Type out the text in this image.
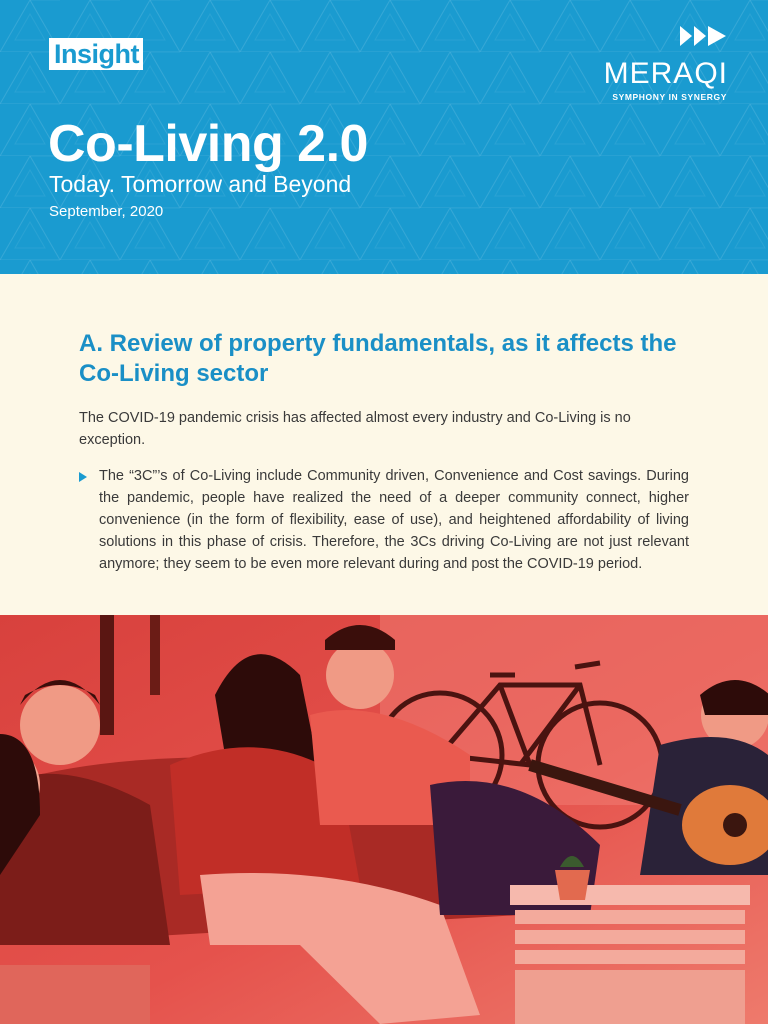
Insight
Co-Living 2.0

Today. Tomorrow and Beyond

September, 2020

MERAQI
SYMPHONY IN SYNERGY
A. Review of property fundamentals, as it affects the Co-Living sector

The COVID-19 pandemic crisis has affected almost every industry and Co-Living is no exception.

The “3C”’s of Co-Living include Community driven, Convenience and Cost savings. During the pandemic, people have realized the need of a deeper community connect, higher convenience (in the form of flexibility, ease of use), and heightened affordability of living solutions in this phase of crisis. Therefore, the 3Cs driving Co-Living are not just relevant anymore; they seem to be even more relevant during and post the COVID-19 period.
